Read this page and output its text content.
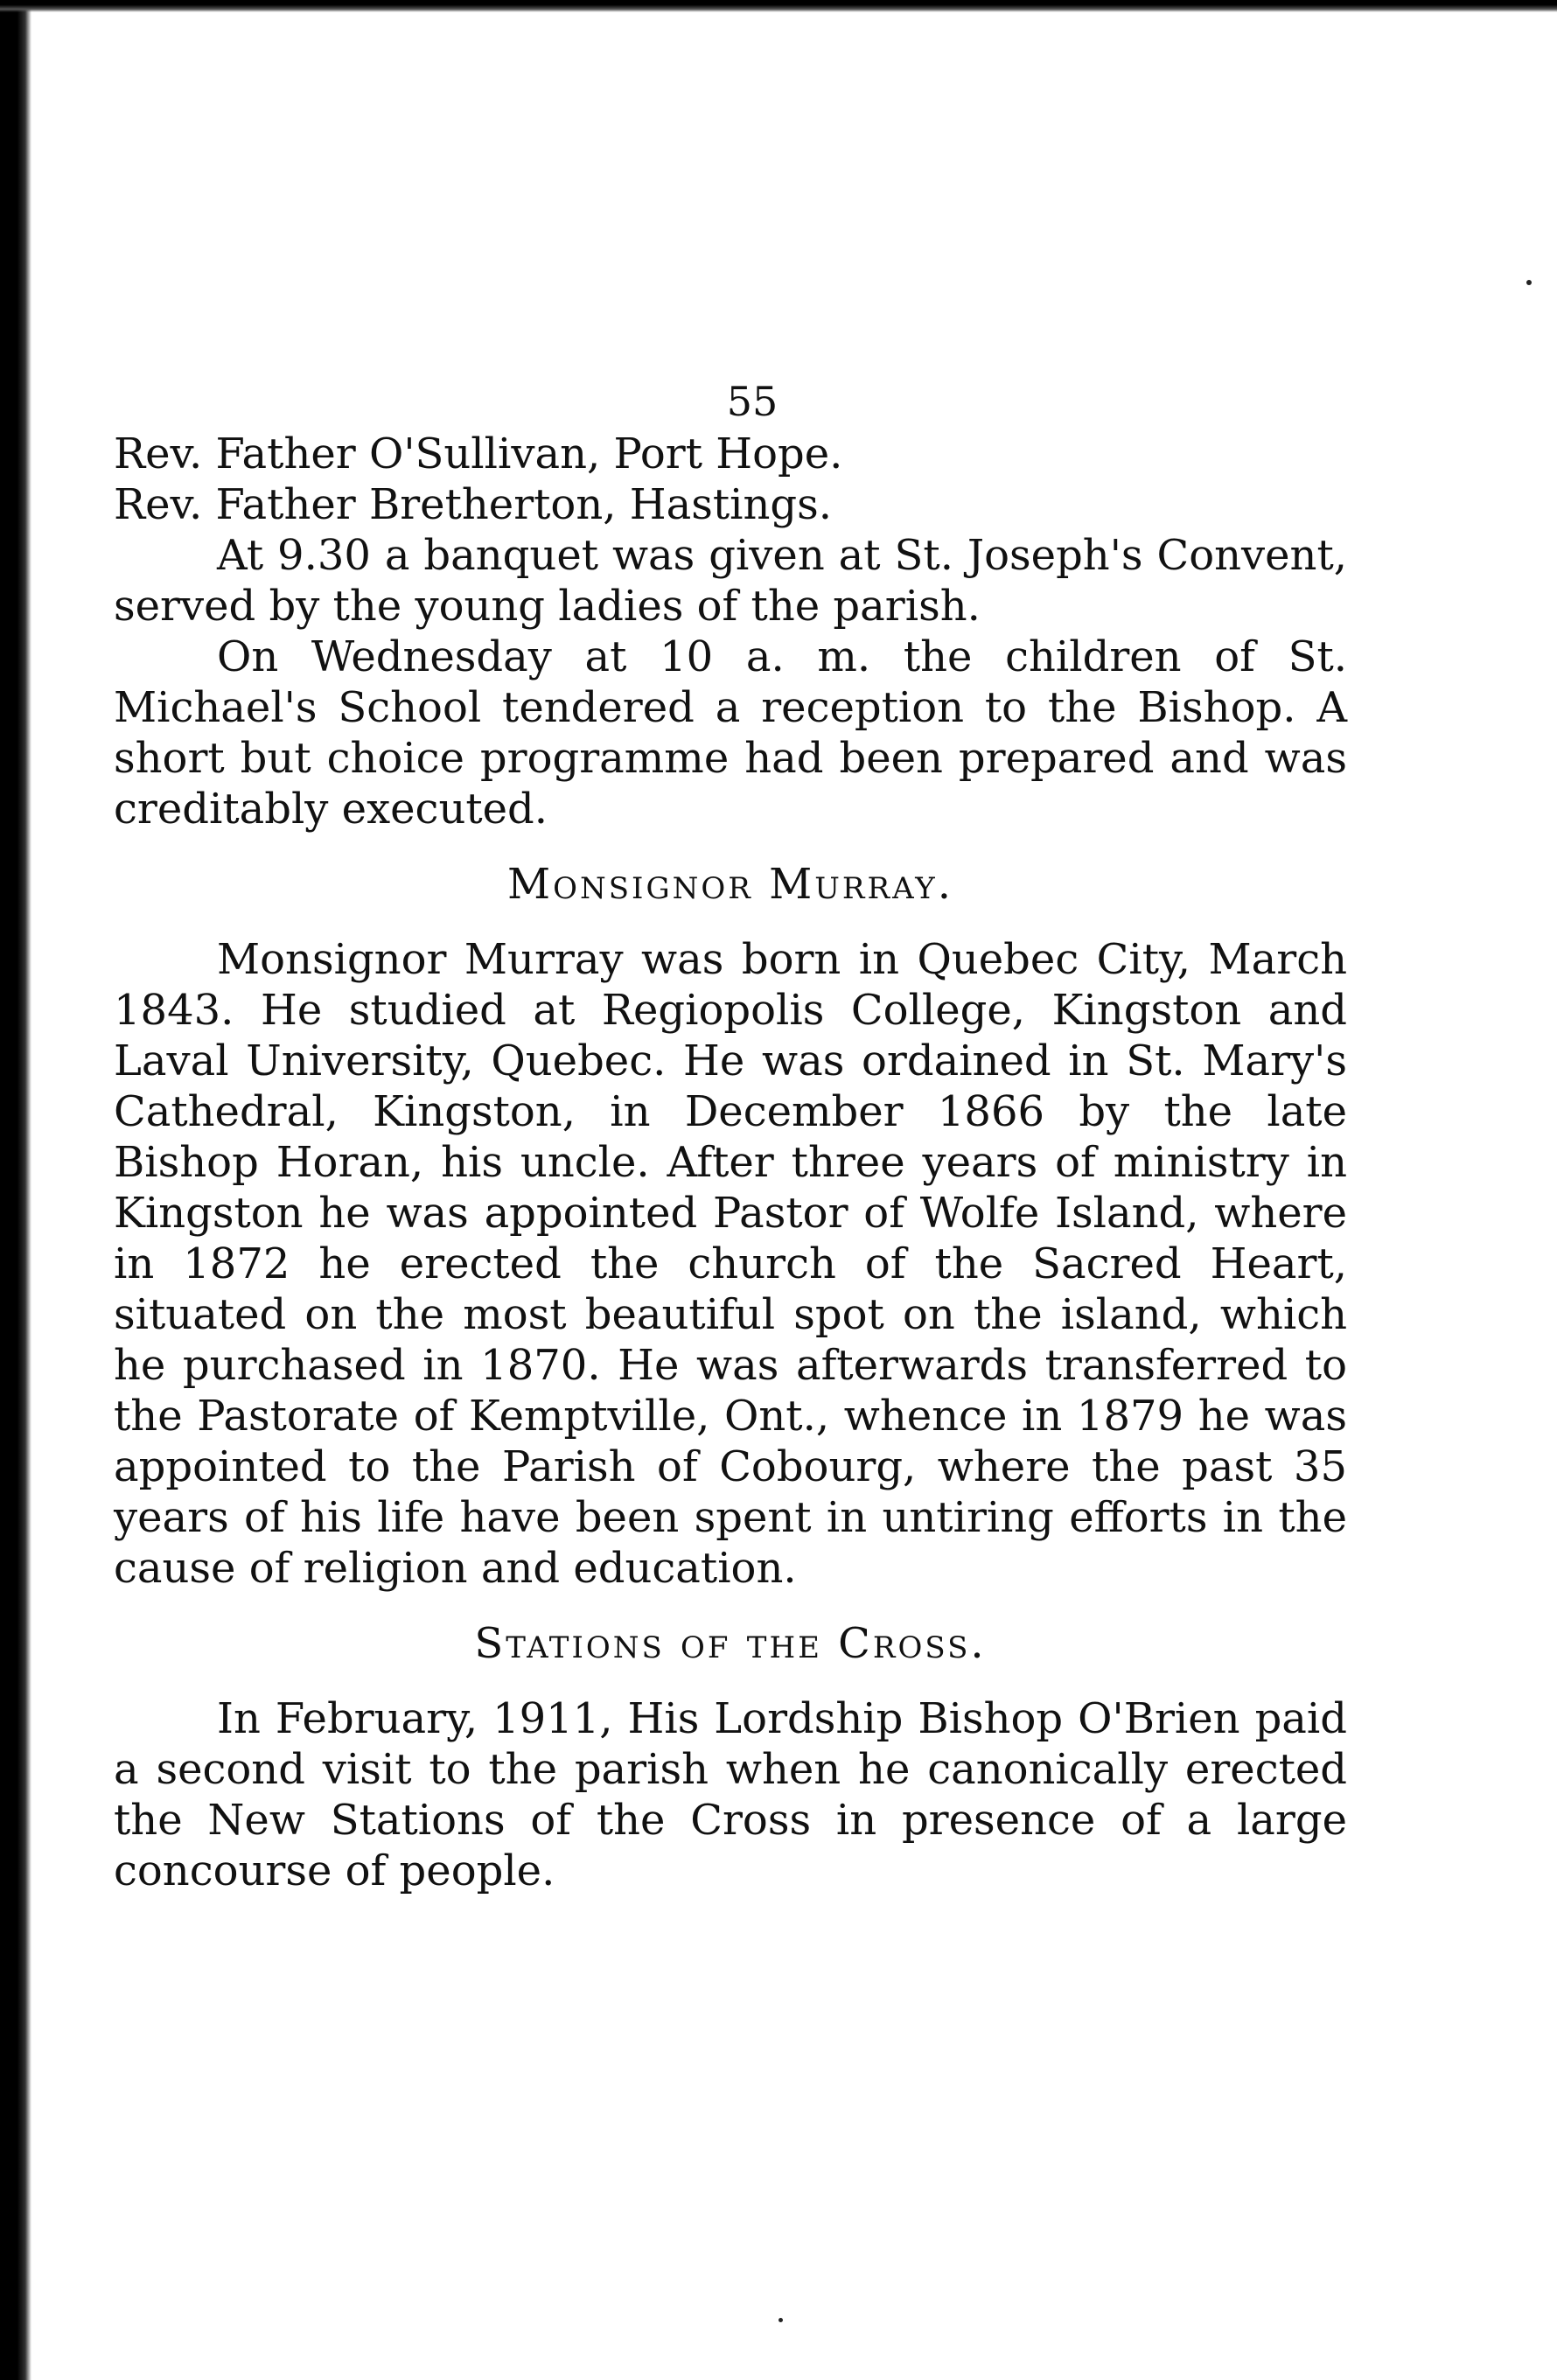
55
Rev. Father O'Sullivan, Port Hope.
Rev. Father Bretherton, Hastings.

At 9.30 a banquet was given at St. Joseph's Convent, served by the young ladies of the parish.

On Wednesday at 10 a. m. the children of St. Michael's School tendered a reception to the Bishop. A short but choice programme had been prepared and was creditably executed.

Monsignor Murray.

Monsignor Murray was born in Quebec City, March 1843. He studied at Regiopolis College, Kingston and Laval University, Quebec. He was ordained in St. Mary's Cathedral, Kingston, in December 1866 by the late Bishop Horan, his uncle. After three years of ministry in Kingston he was appointed Pastor of Wolfe Island, where in 1872 he erected the church of the Sacred Heart, situated on the most beautiful spot on the island, which he purchased in 1870. He was afterwards transferred to the Pastorate of Kemptville, Ont., whence in 1879 he was appointed to the Parish of Cobourg, where the past 35 years of his life have been spent in untiring efforts in the cause of religion and education.

Stations of the Cross.

In February, 1911, His Lordship Bishop O'Brien paid a second visit to the parish when he canonically erected the New Stations of the Cross in presence of a large concourse of people.
